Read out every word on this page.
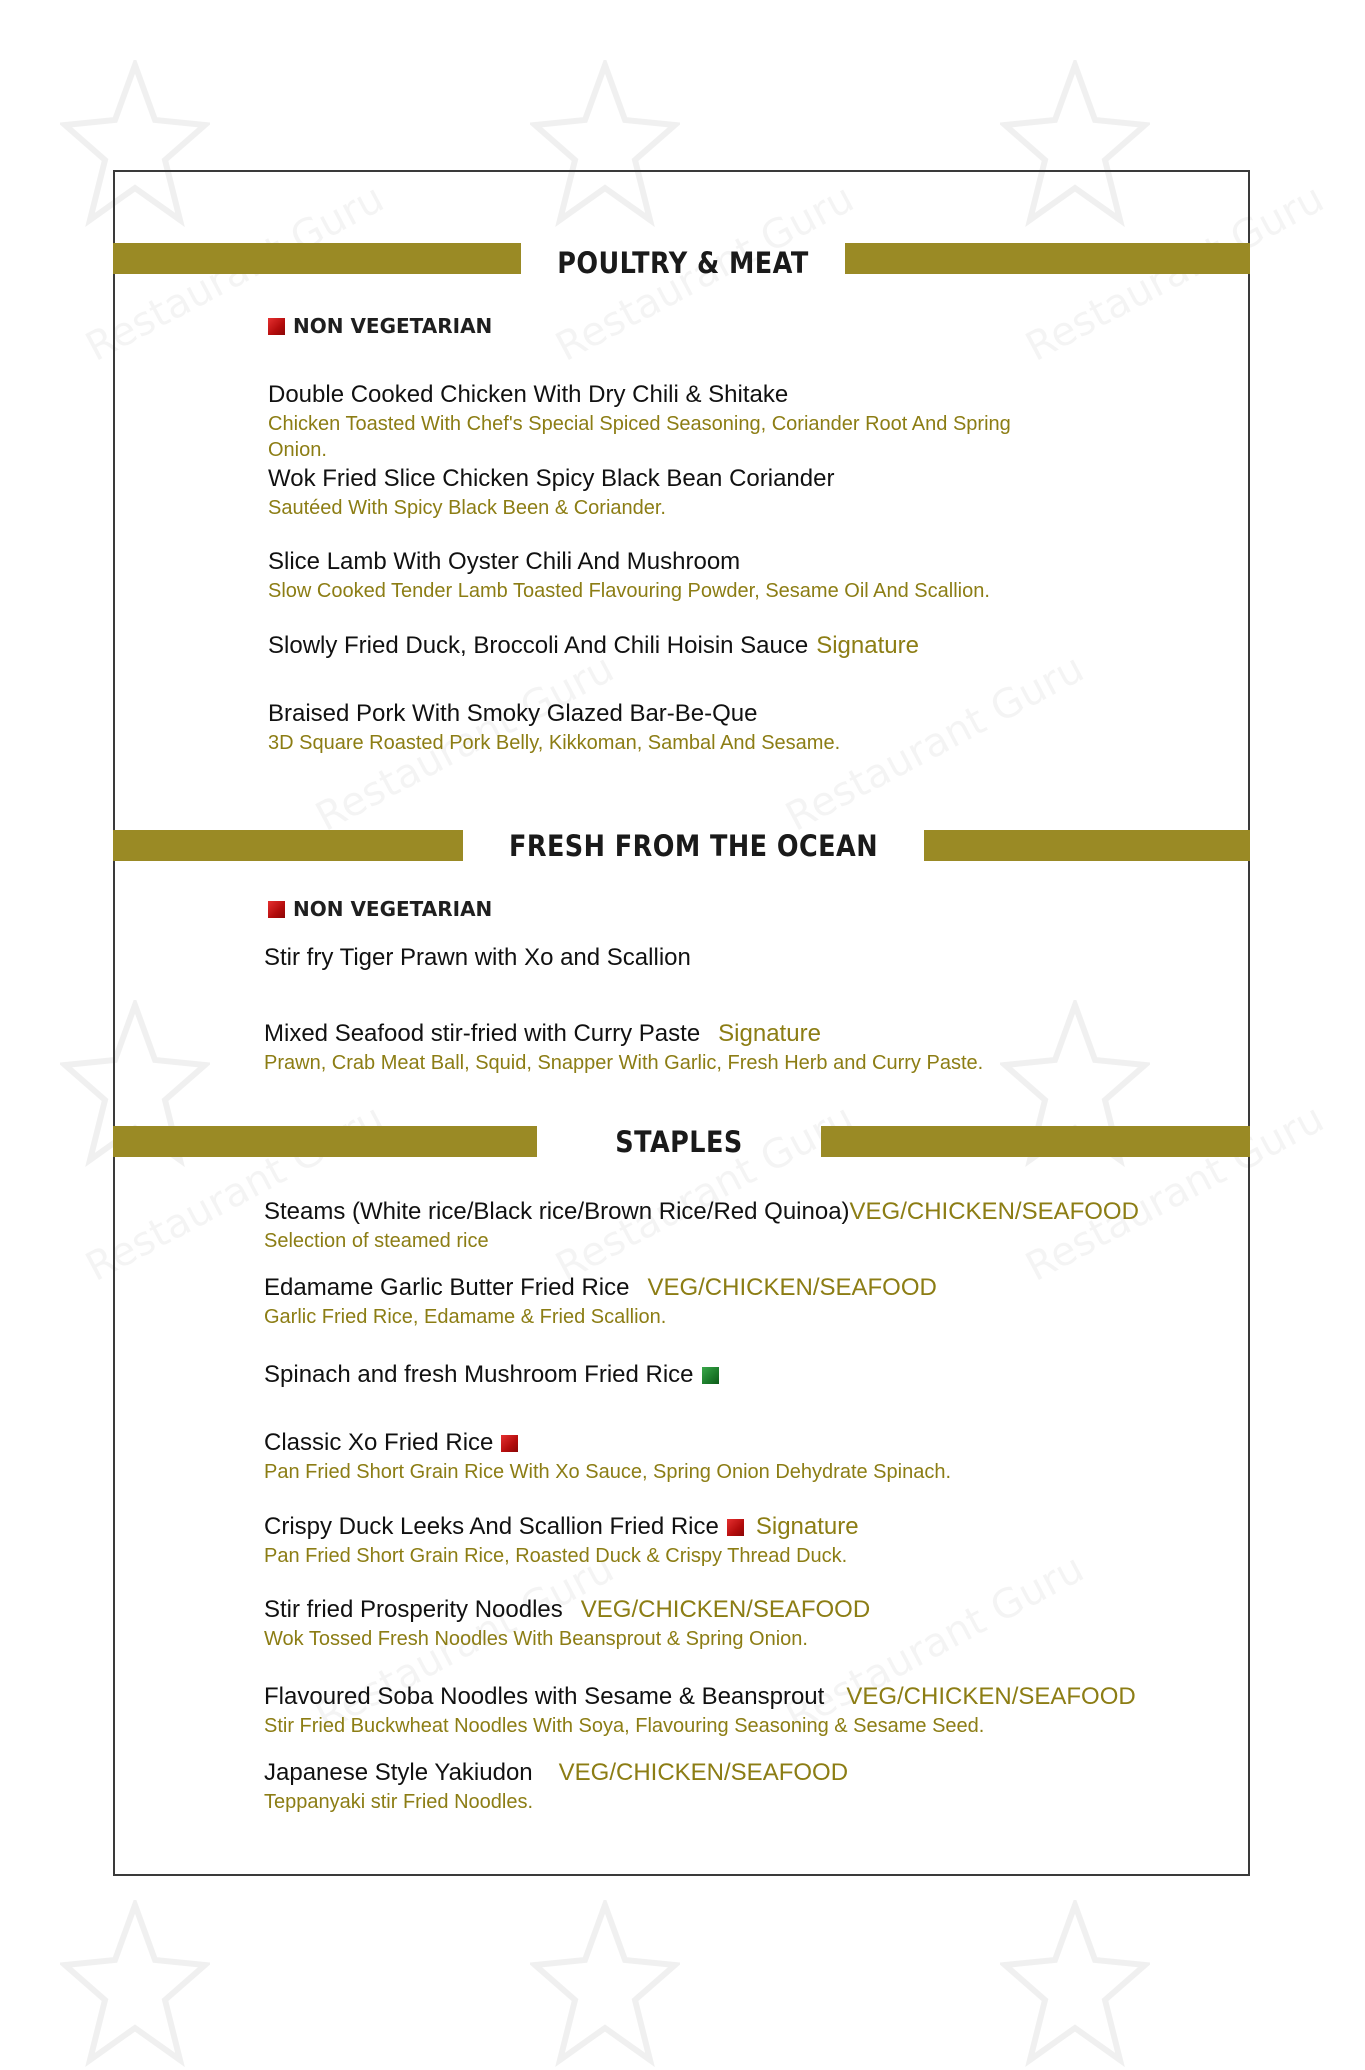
POULTRY & MEAT
NON VEGETARIAN
Double Cooked Chicken With Dry Chili & Shitake
Chicken Toasted With Chef's Special Spiced Seasoning, Coriander Root And Spring
Onion.
Wok Fried Slice Chicken Spicy Black Bean Coriander
Sautéed With Spicy Black Been & Coriander.
Slice Lamb With Oyster Chili And Mushroom
Slow Cooked Tender Lamb Toasted Flavouring Powder, Sesame Oil And Scallion.
Slowly Fried Duck, Broccoli And Chili Hoisin Sauce Signature
Braised Pork With Smoky Glazed Bar-Be-Que
3D Square Roasted Pork Belly, Kikkoman, Sambal And Sesame.
FRESH FROM THE OCEAN
NON VEGETARIAN
Stir fry Tiger Prawn with Xo and Scallion
Mixed Seafood stir-fried with Curry Paste Signature
Prawn, Crab Meat Ball, Squid, Snapper With Garlic, Fresh Herb and Curry Paste.
STAPLES
Steams (White rice/Black rice/Brown Rice/Red Quinoa) VEG/CHICKEN/SEAFOOD
Selection of steamed rice
Edamame Garlic Butter Fried Rice VEG/CHICKEN/SEAFOOD
Garlic Fried Rice, Edamame & Fried Scallion.
Spinach and fresh Mushroom Fried Rice
Classic Xo Fried Rice
Pan Fried Short Grain Rice With Xo Sauce, Spring Onion Dehydrate Spinach.
Crispy Duck Leeks And Scallion Fried Rice Signature
Pan Fried Short Grain Rice, Roasted Duck & Crispy Thread Duck.
Stir fried Prosperity Noodles VEG/CHICKEN/SEAFOOD
Wok Tossed Fresh Noodles With Beansprout & Spring Onion.
Flavoured Soba Noodles with Sesame & Beansprout VEG/CHICKEN/SEAFOOD
Stir Fried Buckwheat Noodles With Soya, Flavouring Seasoning & Sesame Seed.
Japanese Style Yakiudon VEG/CHICKEN/SEAFOOD
Teppanyaki stir Fried Noodles.
